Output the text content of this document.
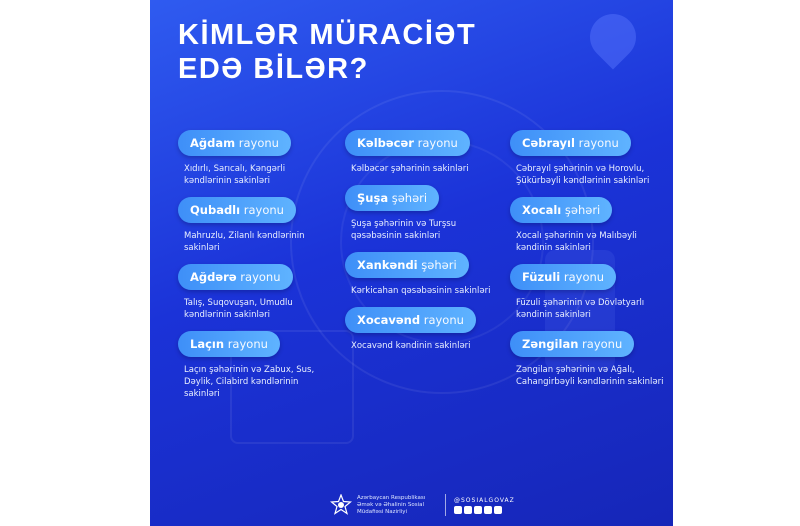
KİMLƏR MÜRACİƏT
EDƏ BİLƏR?
Ağdam rayonu
Xıdırlı, Sarıcalı, Kəngərli kəndlərinin sakinləri
Qubadlı rayonu
Mahruzlu, Zilanlı kəndlərinin sakinləri
Ağdərə rayonu
Talış, Suqovuşan, Umudlu kəndlərinin sakinləri
Laçın rayonu
Laçın şəhərinin və Zabux, Sus, Dəylik, Cilabird kəndlərinin sakinləri
Kəlbəcər rayonu
Kəlbəcər şəhərinin sakinləri
Şuşa şəhəri
Şuşa şəhərinin və Turşsu qəsəbəsinin sakinləri
Xankəndi şəhəri
Kərkicahan qəsəbəsinin sakinləri
Xocavənd rayonu
Xocavənd kəndinin sakinləri
Cəbrayıl rayonu
Cəbrayıl şəhərinin və Horovlu, Şükürbəyli kəndlərinin sakinləri
Xocalı şəhəri
Xocalı şəhərinin və Malıbəyli kəndinin sakinləri
Füzuli rayonu
Füzuli şəhərinin və Dövlətyarlı kəndinin sakinləri
Zəngilan rayonu
Zəngilan şəhərinin və Ağalı, Cahangirbəyli kəndlərinin sakinləri
Azərbaycan Respublikası Əmək və Əhalinin Sosial Müdafiəsi Nazirliyi
@SOSIALGOVAZ
